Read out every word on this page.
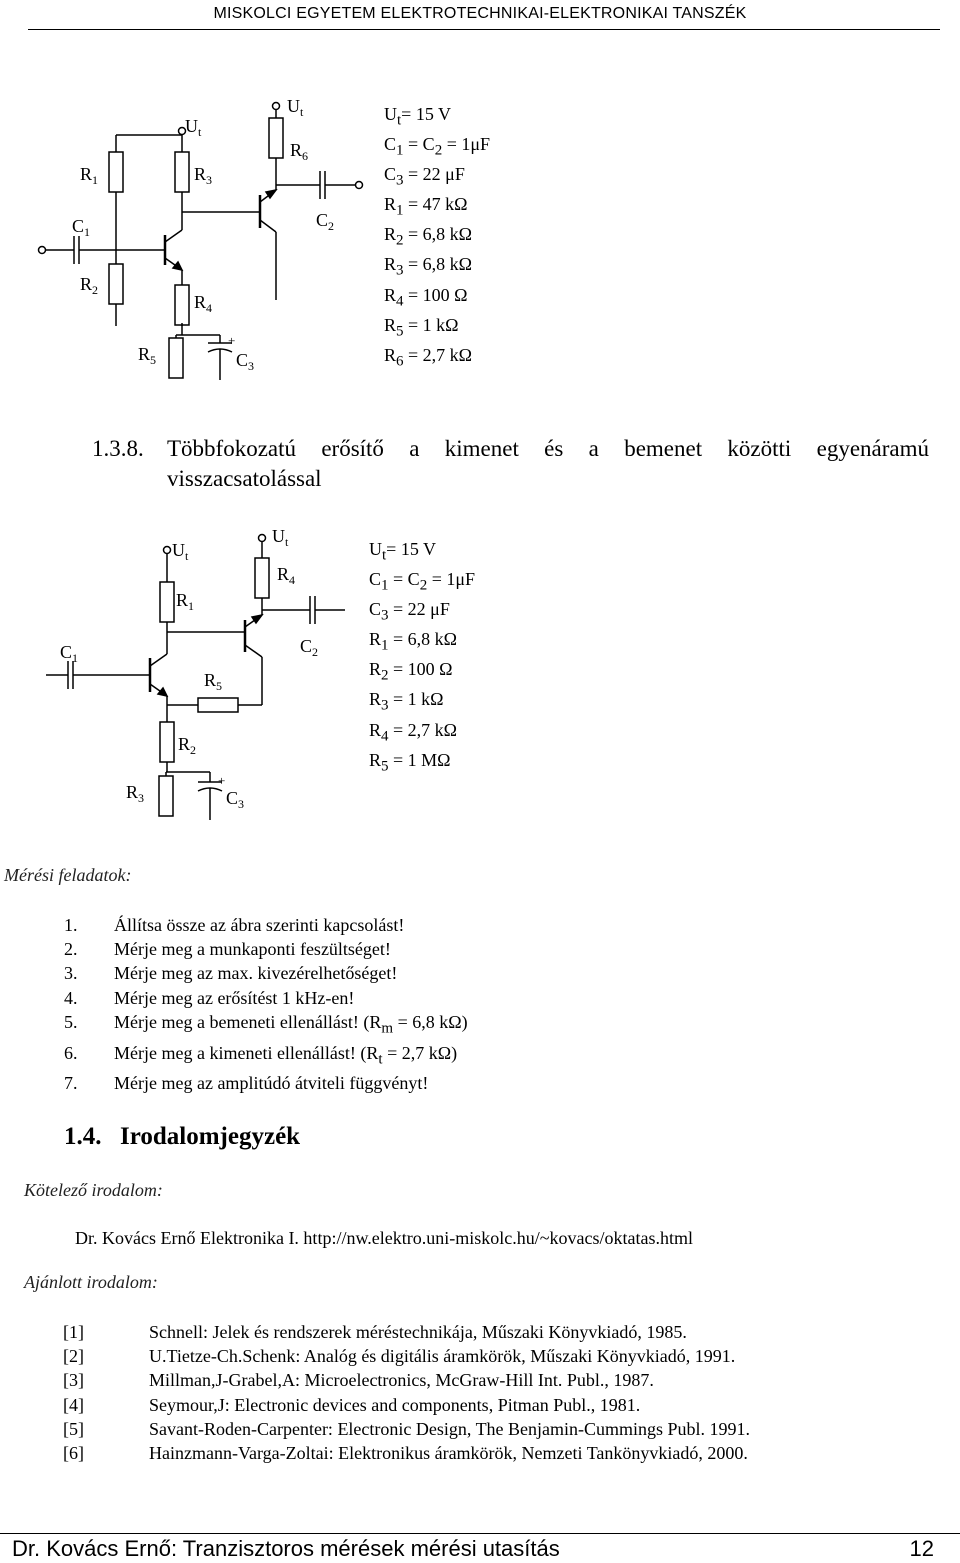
MISKOLCI EGYETEM ELEKTROTECHNIKAI-ELEKTRONIKAI TANSZÉK
$U_t$
$U_t$
$R_1$	$R_3$
$R_6$
$C_1$
$C_2$
$R_2$
$R_4$
$R_5$
+
$C_3$
$U_t= 15$ V
$C_1 = C_2 = 1\mu F$
$C_3 = 22$ μF
$R_1 = 47$ kΩ
$R_2 = 6,8$ kΩ
$R_3 = 6,8$ kΩ
$R_4 = 100$ Ω
$R_5 = 1$ kΩ
$R_6 = 2,7$ kΩ
1.3.8. Többfokozatú erősítő a kimenet és a bemenet közötti egyenáramú
visszacsatolással
$U_t$
$U_t$
$R_4$
$R_1$
$C_1$
$C_2$
$R_5$
$R_2$
$R_3$
+
$C_3$
$U_t= 15$ V
$C_1 = C_2 = 1\mu F$
$C_3 = 22$ μF
$R_1 = 6,8$ kΩ
$R_2 = 100$ Ω
$R_3 = 1$ kΩ
$R_4 = 2,7$ kΩ
$R_5 = 1$ MΩ
Mérési feladatok:
1.	Állítsa össze az ábra szerinti kapcsolást!
2.	Mérje meg a munkaponti feszültséget!
3.	Mérje meg az max. kivezérelhetőséget!
4.	Mérje meg az erősítést 1 kHz-en!
5.	Mérje meg a bemeneti ellenállást! ($R_m = 6,8$ kΩ)
6.	Mérje meg a kimeneti ellenállást! ($R_t = 2,7$ kΩ)
7.	Mérje meg az amplitúdó átviteli függvényt!
1.4. Irodalomjegyzék
Kötelező irodalom:
Dr. Kovács Ernő Elektronika I. http://nw.elektro.uni-miskolc.hu/~kovacs/oktatas.html
Ajánlott irodalom:
[1]	Schnell: Jelek és rendszerek méréstechnikája, Műszaki Könyvkiadó, 1985.
[2]	U.Tietze-Ch.Schenk: Analóg és digitális áramkörök, Műszaki Könyvkiadó, 1991.
[3]	Millman,J-Grabel,A: Microelectronics, McGraw-Hill Int. Publ., 1987.
[4]	Seymour,J: Electronic devices and components, Pitman Publ., 1981.
[5]	Savant-Roden-Carpenter: Electronic Design, The Benjamin-Cummings Publ. 1991.
[6]	Hainzmann-Varga-Zoltai: Elektronikus áramkörök, Nemzeti Tankönyvkiadó, 2000.
Dr. Kovács Ernő: Tranzisztoros mérések mérési utasítás	12
